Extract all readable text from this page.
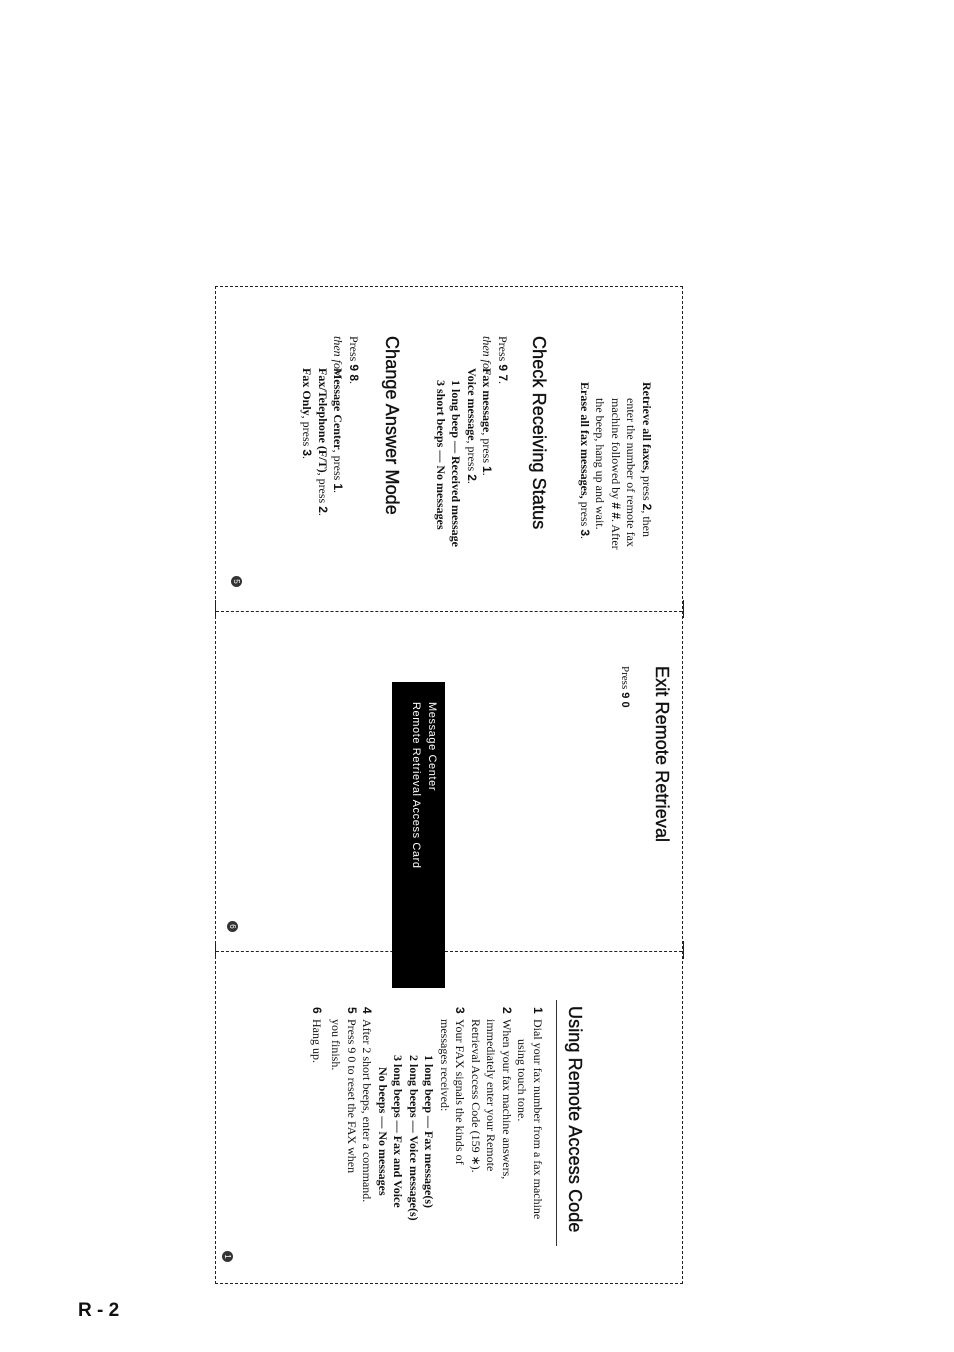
Message Center
Remote Retrieval Access Card
Using Remote Access Code
1Dial your fax number from a fax machine
using touch tone.
2When your fax machine answers,
immediately enter your Remote
Retrieval Access Code (159 ∗).
3Your FAX signals the kinds of
messages received:
1 long beep — Fax message(s)
2 long beeps — Voice message(s)
3 long beeps — Fax and Voice
No beeps — No messages
4After 2 short beeps, enter a command.
5Press 9 0 to reset the FAX when
you finish.
6Hang up.
1
Exit Remote Retrieval
Press 9 0
6
Retrieve all faxes, press 2, then
enter the number of remote fax
machine followed by # #. After
the beep, hang up and wait.
Erase all fax messages, press 3.
Check Receiving Status
Press 9 7.
then forFax message, press 1.
Voice message, press 2.
1 long beep — Received message
3 short beeps — No messages
Change Answer Mode
Press 9 8.
then forMessage Center, press 1.
Fax/Telephone (F/T), press 2.
Fax Only, press 3.
5
R - 2
